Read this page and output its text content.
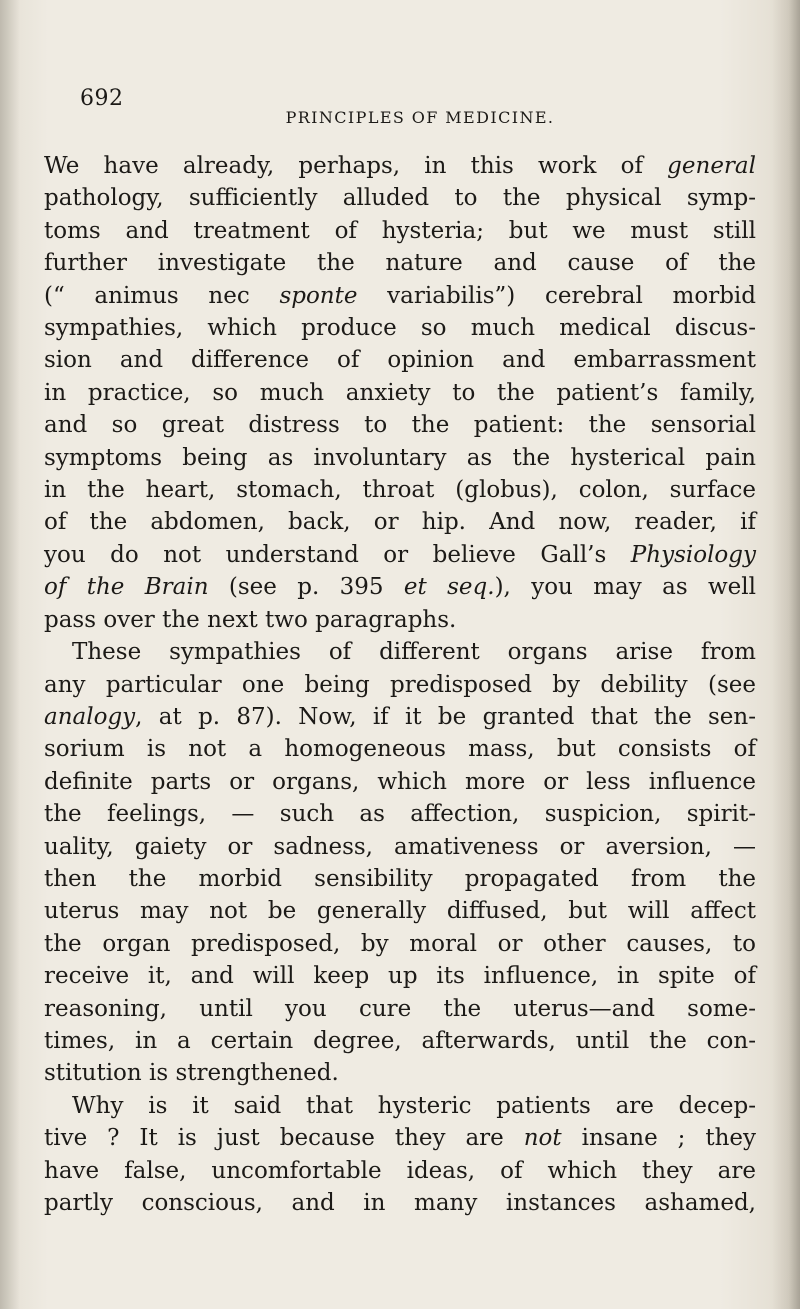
692
PRINCIPLES OF MEDICINE.

We have already, perhaps, in this work of general
pathology, sufficiently alluded to the physical symp-
toms and treatment of hysteria; but we must still
further investigate the nature and cause of the
(“ animus nec sponte variabilis”) cerebral morbid
sympathies, which produce so much medical discus-
sion and difference of opinion and embarrassment
in practice, so much anxiety to the patient’s family,
and so great distress to the patient: the sensorial
symptoms being as involuntary as the hysterical pain
in the heart, stomach, throat (globus), colon, surface
of the abdomen, back, or hip. And now, reader, if
you do not understand or believe Gall’s Physiology
of the Brain (see p. 395 et seq.), you may as well
pass over the next two paragraphs.

These sympathies of different organs arise from
any particular one being predisposed by debility (see
analogy, at p. 87). Now, if it be granted that the sen-
sorium is not a homogeneous mass, but consists of
definite parts or organs, which more or less influence
the feelings, — such as affection, suspicion, spirit-
uality, gaiety or sadness, amativeness or aversion, —
then the morbid sensibility propagated from the
uterus may not be generally diffused, but will affect
the organ predisposed, by moral or other causes, to
receive it, and will keep up its influence, in spite of
reasoning, until you cure the uterus—and some-
times, in a certain degree, afterwards, until the con-
stitution is strengthened.

Why is it said that hysteric patients are decep-
tive ? It is just because they are not insane ; they
have false, uncomfortable ideas, of which they are
partly conscious, and in many instances ashamed,
